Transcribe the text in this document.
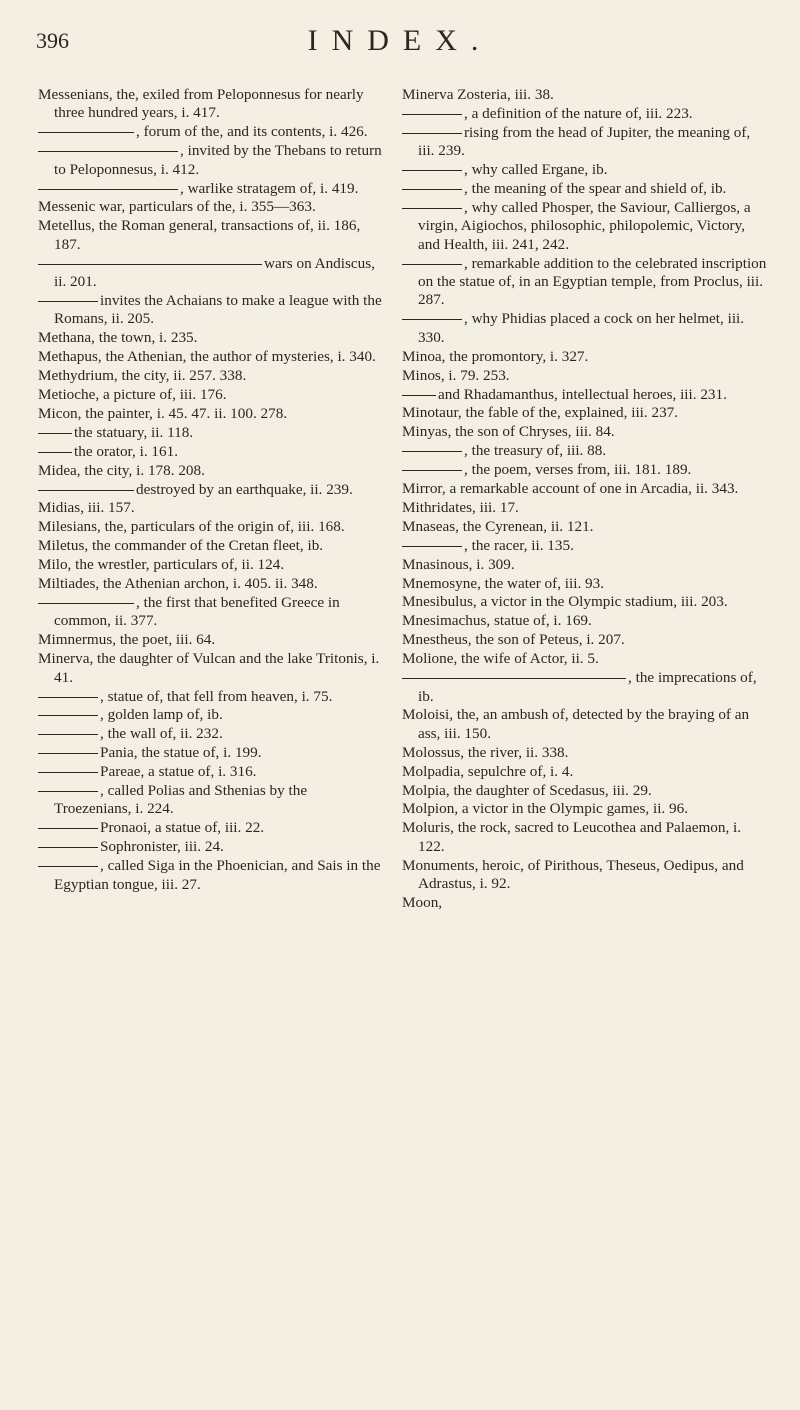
396	INDEX.

Messenians, the, exiled from Peloponnesus for nearly three hundred years, i. 417.

, forum of the, and its contents, i. 426.

, invited by the Thebans to return to Peloponnesus, i. 412.

, warlike stratagem of, i. 419.

Messenic war, particulars of the, i. 355—363.

Metellus, the Roman general, transactions of, ii. 186, 187.

wars on Andiscus, ii. 201.

invites the Achaians to make a league with the Romans, ii. 205.

Methana, the town, i. 235.

Methapus, the Athenian, the author of mysteries, i. 340.

Methydrium, the city, ii. 257. 338.

Metioche, a picture of, iii. 176.

Micon, the painter, i. 45. 47. ii. 100. 278.

the statuary, ii. 118.

the orator, i. 161.

Midea, the city, i. 178. 208.

destroyed by an earthquake, ii. 239.

Midias, iii. 157.

Milesians, the, particulars of the origin of, iii. 168.

Miletus, the commander of the Cretan fleet, ib.

Milo, the wrestler, particulars of, ii. 124.

Miltiades, the Athenian archon, i. 405. ii. 348.

, the first that benefited Greece in common, ii. 377.

Mimnermus, the poet, iii. 64.

Minerva, the daughter of Vulcan and the lake Tritonis, i. 41.

, statue of, that fell from heaven, i. 75.

, golden lamp of, ib.

, the wall of, ii. 232.

Pania, the statue of, i. 199.

Pareae, a statue of, i. 316.

, called Polias and Sthenias by the Troezenians, i. 224.

Pronaoi, a statue of, iii. 22.

Sophronister, iii. 24.

, called Siga in the Phoenician, and Sais in the Egyptian tongue, iii. 27.

Minerva Zosteria, iii. 38.

, a definition of the nature of, iii. 223.

rising from the head of Jupiter, the meaning of, iii. 239.

, why called Ergane, ib.

, the meaning of the spear and shield of, ib.

, why called Phosper, the Saviour, Calliergos, a virgin, Aigiochos, philosophic, philopolemic, Victory, and Health, iii. 241, 242.

, remarkable addition to the celebrated inscription on the statue of, in an Egyptian temple, from Proclus, iii. 287.

, why Phidias placed a cock on her helmet, iii. 330.

Minoa, the promontory, i. 327.

Minos, i. 79. 253.

and Rhadamanthus, intellectual heroes, iii. 231.

Minotaur, the fable of the, explained, iii. 237.

Minyas, the son of Chryses, iii. 84.

, the treasury of, iii. 88.

, the poem, verses from, iii. 181. 189.

Mirror, a remarkable account of one in Arcadia, ii. 343.

Mithridates, iii. 17.

Mnaseas, the Cyrenean, ii. 121.

, the racer, ii. 135.

Mnasinous, i. 309.

Mnemosyne, the water of, iii. 93.

Mnesibulus, a victor in the Olympic stadium, iii. 203.

Mnesimachus, statue of, i. 169.

Mnestheus, the son of Peteus, i. 207.

Molione, the wife of Actor, ii. 5.

, the imprecations of, ib.

Moloisi, the, an ambush of, detected by the braying of an ass, iii. 150.

Molossus, the river, ii. 338.

Molpadia, sepulchre of, i. 4.

Molpia, the daughter of Scedasus, iii. 29.

Molpion, a victor in the Olympic games, ii. 96.

Moluris, the rock, sacred to Leucothea and Palaemon, i. 122.

Monuments, heroic, of Pirithous, Theseus, Oedipus, and Adrastus, i. 92.

Moon,
